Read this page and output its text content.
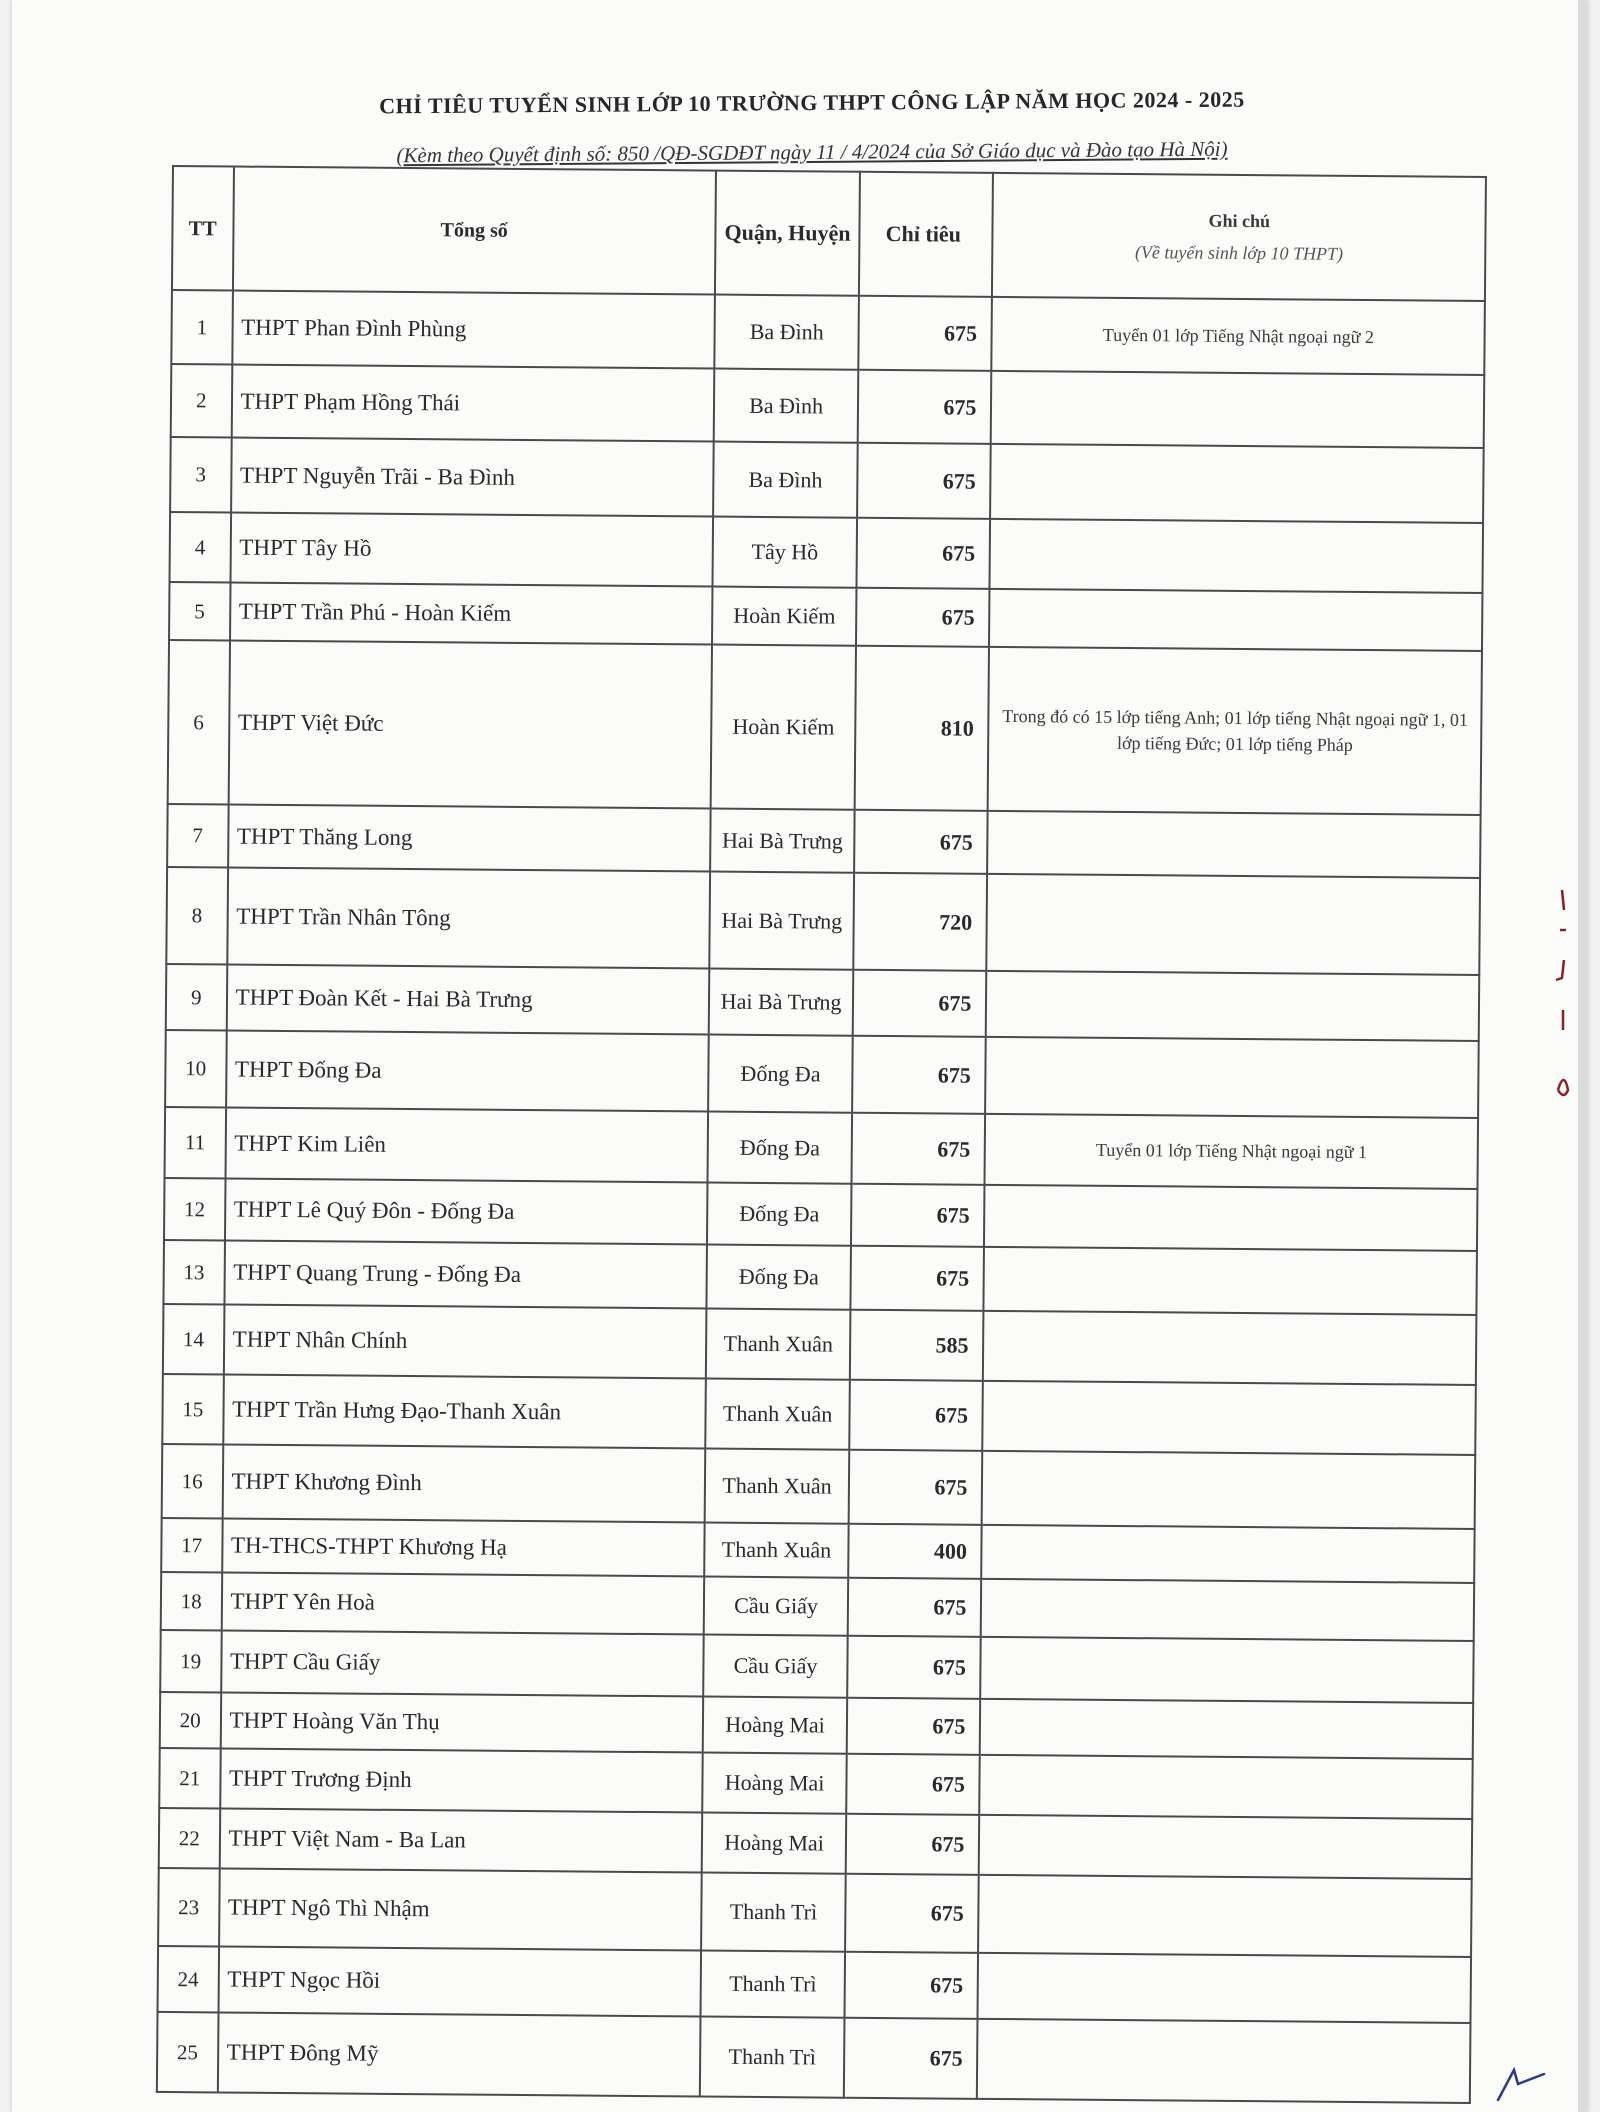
CHỈ TIÊU TUYỂN SINH LỚP 10 TRƯỜNG THPT CÔNG LẬP NĂM HỌC 2024 - 2025
(Kèm theo Quyết định số: 850 /QĐ-SGDĐT ngày 11 / 4/2024 của Sở Giáo dục và Đào tạo Hà Nội)
TT	Tổng số	Quận, Huyện	Chỉ tiêu	Ghi chú
(Về tuyển sinh lớp 10 THPT)

1	THPT Phan Đình Phùng	Ba Đình	675	Tuyển 01 lớp Tiếng Nhật ngoại ngữ 2
2	THPT Phạm Hồng Thái	Ba Đình	675	
3	THPT Nguyễn Trãi - Ba Đình	Ba Đình	675	
4	THPT Tây Hồ	Tây Hồ	675	
5	THPT Trần Phú - Hoàn Kiếm	Hoàn Kiếm	675	
6	THPT Việt Đức	Hoàn Kiếm	810	Trong đó có 15 lớp tiếng Anh; 01 lớp tiếng Nhật ngoại ngữ 1, 01 lớp tiếng Đức; 01 lớp tiếng Pháp
7	THPT Thăng Long	Hai Bà Trưng	675	
8	THPT Trần Nhân Tông	Hai Bà Trưng	720	
9	THPT Đoàn Kết - Hai Bà Trưng	Hai Bà Trưng	675	
10	THPT Đống Đa	Đống Đa	675	
11	THPT Kim Liên	Đống Đa	675	Tuyển 01 lớp Tiếng Nhật ngoại ngữ 1
12	THPT Lê Quý Đôn - Đống Đa	Đống Đa	675	
13	THPT Quang Trung - Đống Đa	Đống Đa	675	
14	THPT Nhân Chính	Thanh Xuân	585	
15	THPT Trần Hưng Đạo-Thanh Xuân	Thanh Xuân	675	
16	THPT Khương Đình	Thanh Xuân	675	
17	TH-THCS-THPT Khương Hạ	Thanh Xuân	400	
18	THPT Yên Hoà	Cầu Giấy	675	
19	THPT Cầu Giấy	Cầu Giấy	675	
20	THPT Hoàng Văn Thụ	Hoàng Mai	675	
21	THPT Trương Định	Hoàng Mai	675	
22	THPT Việt Nam - Ba Lan	Hoàng Mai	675	
23	THPT Ngô Thì Nhậm	Thanh Trì	675	
24	THPT Ngọc Hồi	Thanh Trì	675	
25	THPT Đông Mỹ	Thanh Trì	675	
